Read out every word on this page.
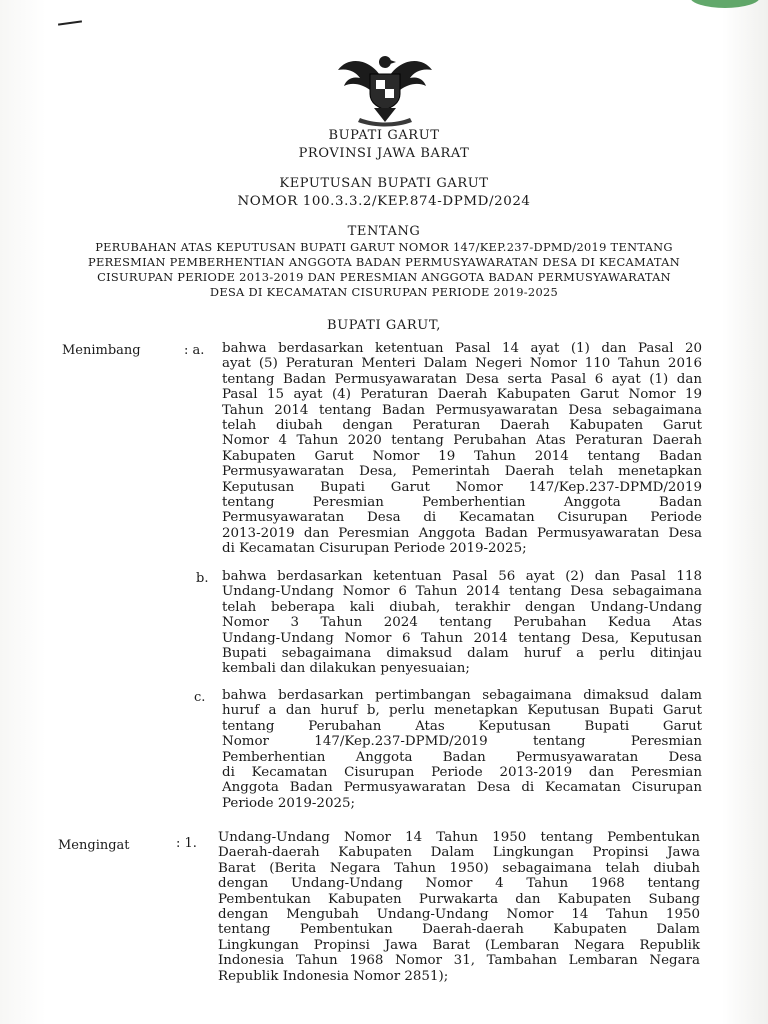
BUPATI GARUT
PROVINSI JAWA BARAT
KEPUTUSAN BUPATI GARUT
NOMOR 100.3.3.2/KEP.874-DPMD/2024
TENTANG
PERUBAHAN ATAS KEPUTUSAN BUPATI GARUT NOMOR 147/KEP.237-DPMD/2019 TENTANG
PERESMIAN PEMBERHENTIAN ANGGOTA BADAN PERMUSYAWARATAN DESA DI KECAMATAN
CISURUPAN PERIODE 2013-2019 DAN PERESMIAN ANGGOTA BADAN PERMUSYAWARATAN
DESA DI KECAMATAN CISURUPAN PERIODE 2019-2025
BUPATI GARUT,
Menimbang	: a. bahwa berdasarkan ketentuan Pasal 14 ayat (1) dan Pasal 20
ayat (5) Peraturan Menteri Dalam Negeri Nomor 110 Tahun 2016
tentang Badan Permusyawaratan Desa serta Pasal 6 ayat (1) dan
Pasal 15 ayat (4) Peraturan Daerah Kabupaten Garut Nomor 19
Tahun 2014 tentang Badan Permusyawaratan Desa sebagaimana
telah diubah dengan Peraturan Daerah Kabupaten Garut
Nomor 4 Tahun 2020 tentang Perubahan Atas Peraturan Daerah
Kabupaten Garut Nomor 19 Tahun 2014 tentang Badan
Permusyawaratan Desa, Pemerintah Daerah telah menetapkan
Keputusan Bupati Garut Nomor 147/Kep.237-DPMD/2019
tentang Peresmian Pemberhentian Anggota Badan
Permusyawaratan Desa di Kecamatan Cisurupan Periode
2013-2019 dan Peresmian Anggota Badan Permusyawaratan Desa
di Kecamatan Cisurupan Periode 2019-2025;
b. bahwa berdasarkan ketentuan Pasal 56 ayat (2) dan Pasal 118
Undang-Undang Nomor 6 Tahun 2014 tentang Desa sebagaimana
telah beberapa kali diubah, terakhir dengan Undang-Undang
Nomor 3 Tahun 2024 tentang Perubahan Kedua Atas
Undang-Undang Nomor 6 Tahun 2014 tentang Desa, Keputusan
Bupati sebagaimana dimaksud dalam huruf a perlu ditinjau
kembali dan dilakukan penyesuaian;
c. bahwa berdasarkan pertimbangan sebagaimana dimaksud dalam
huruf a dan huruf b, perlu menetapkan Keputusan Bupati Garut
tentang Perubahan Atas Keputusan Bupati Garut
Nomor 147/Kep.237-DPMD/2019 tentang Peresmian
Pemberhentian Anggota Badan Permusyawaratan Desa
di Kecamatan Cisurupan Periode 2013-2019 dan Peresmian
Anggota Badan Permusyawaratan Desa di Kecamatan Cisurupan
Periode 2019-2025;
Mengingat	: 1. Undang-Undang Nomor 14 Tahun 1950 tentang Pembentukan
Daerah-daerah Kabupaten Dalam Lingkungan Propinsi Jawa
Barat (Berita Negara Tahun 1950) sebagaimana telah diubah
dengan Undang-Undang Nomor 4 Tahun 1968 tentang
Pembentukan Kabupaten Purwakarta dan Kabupaten Subang
dengan Mengubah Undang-Undang Nomor 14 Tahun 1950
tentang Pembentukan Daerah-daerah Kabupaten Dalam
Lingkungan Propinsi Jawa Barat (Lembaran Negara Republik
Indonesia Tahun 1968 Nomor 31, Tambahan Lembaran Negara
Republik Indonesia Nomor 2851);
